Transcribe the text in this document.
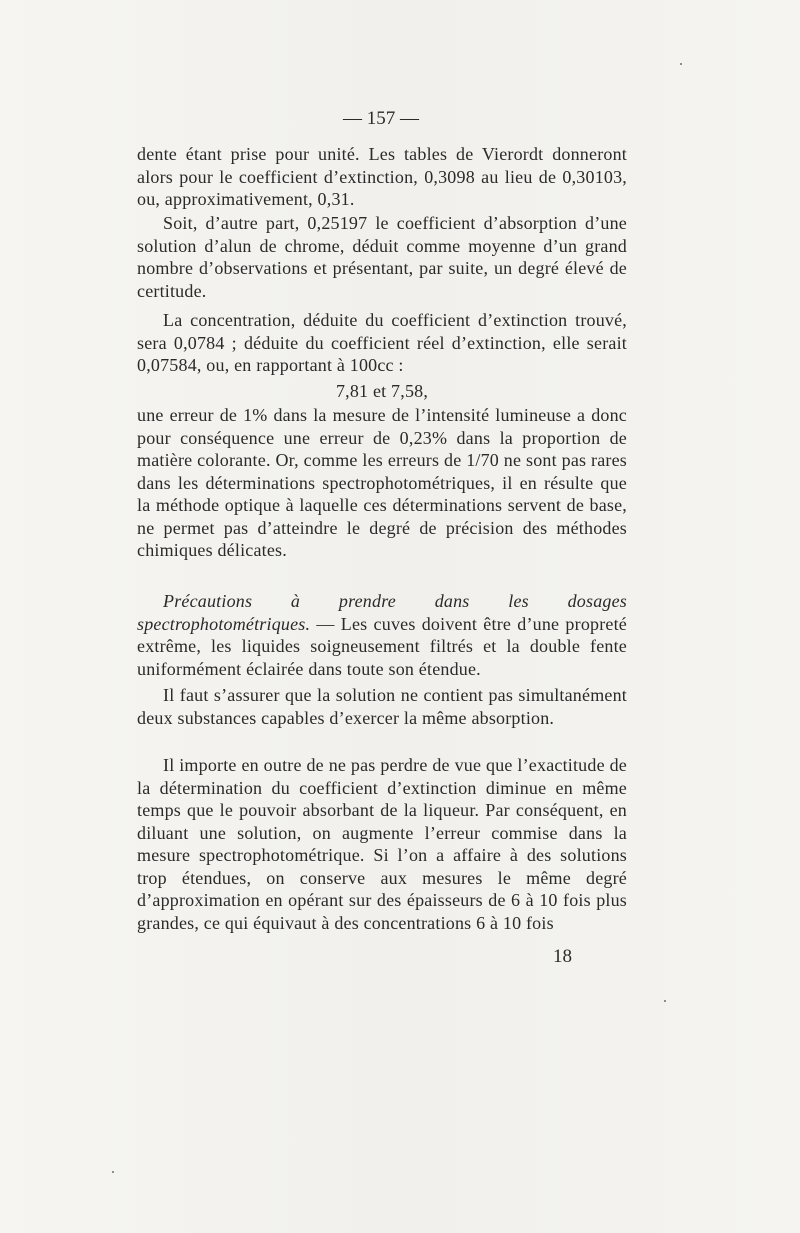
— 157 —

dente étant prise pour unité. Les tables de Vierordt donneront alors pour le coefficient d’extinction, 0,3098 au lieu de 0,30103, ou, approximativement, 0,31.

Soit, d’autre part, 0,25197 le coefficient d’absorption d’une solution d’alun de chrome, déduit comme moyenne d’un grand nombre d’observations et présentant, par suite, un degré élevé de certitude.

La concentration, déduite du coefficient d’extinction trouvé, sera 0,0784 ; déduite du coefficient réel d’extinction, elle serait 0,07584, ou, en rapportant à 100cc :

7,81 et 7,58,

une erreur de 1% dans la mesure de l’intensité lumineuse a donc pour conséquence une erreur de 0,23% dans la proportion de matière colorante. Or, comme les erreurs de 1/70 ne sont pas rares dans les déterminations spectrophotométriques, il en résulte que la méthode optique à laquelle ces déterminations servent de base, ne permet pas d’atteindre le degré de précision des méthodes chimiques délicates.

Précautions à prendre dans les dosages spectrophotométriques. — Les cuves doivent être d’une propreté extrême, les liquides soigneusement filtrés et la double fente uniformément éclairée dans toute son étendue.

Il faut s’assurer que la solution ne contient pas simultanément deux substances capables d’exercer la même absorption.

Il importe en outre de ne pas perdre de vue que l’exactitude de la détermination du coefficient d’extinction diminue en même temps que le pouvoir absorbant de la liqueur. Par conséquent, en diluant une solution, on augmente l’erreur commise dans la mesure spectrophotométrique. Si l’on a affaire à des solutions trop étendues, on conserve aux mesures le même degré d’approximation en opérant sur des épaisseurs de 6 à 10 fois plus grandes, ce qui équivaut à des concentrations 6 à 10 fois

18
